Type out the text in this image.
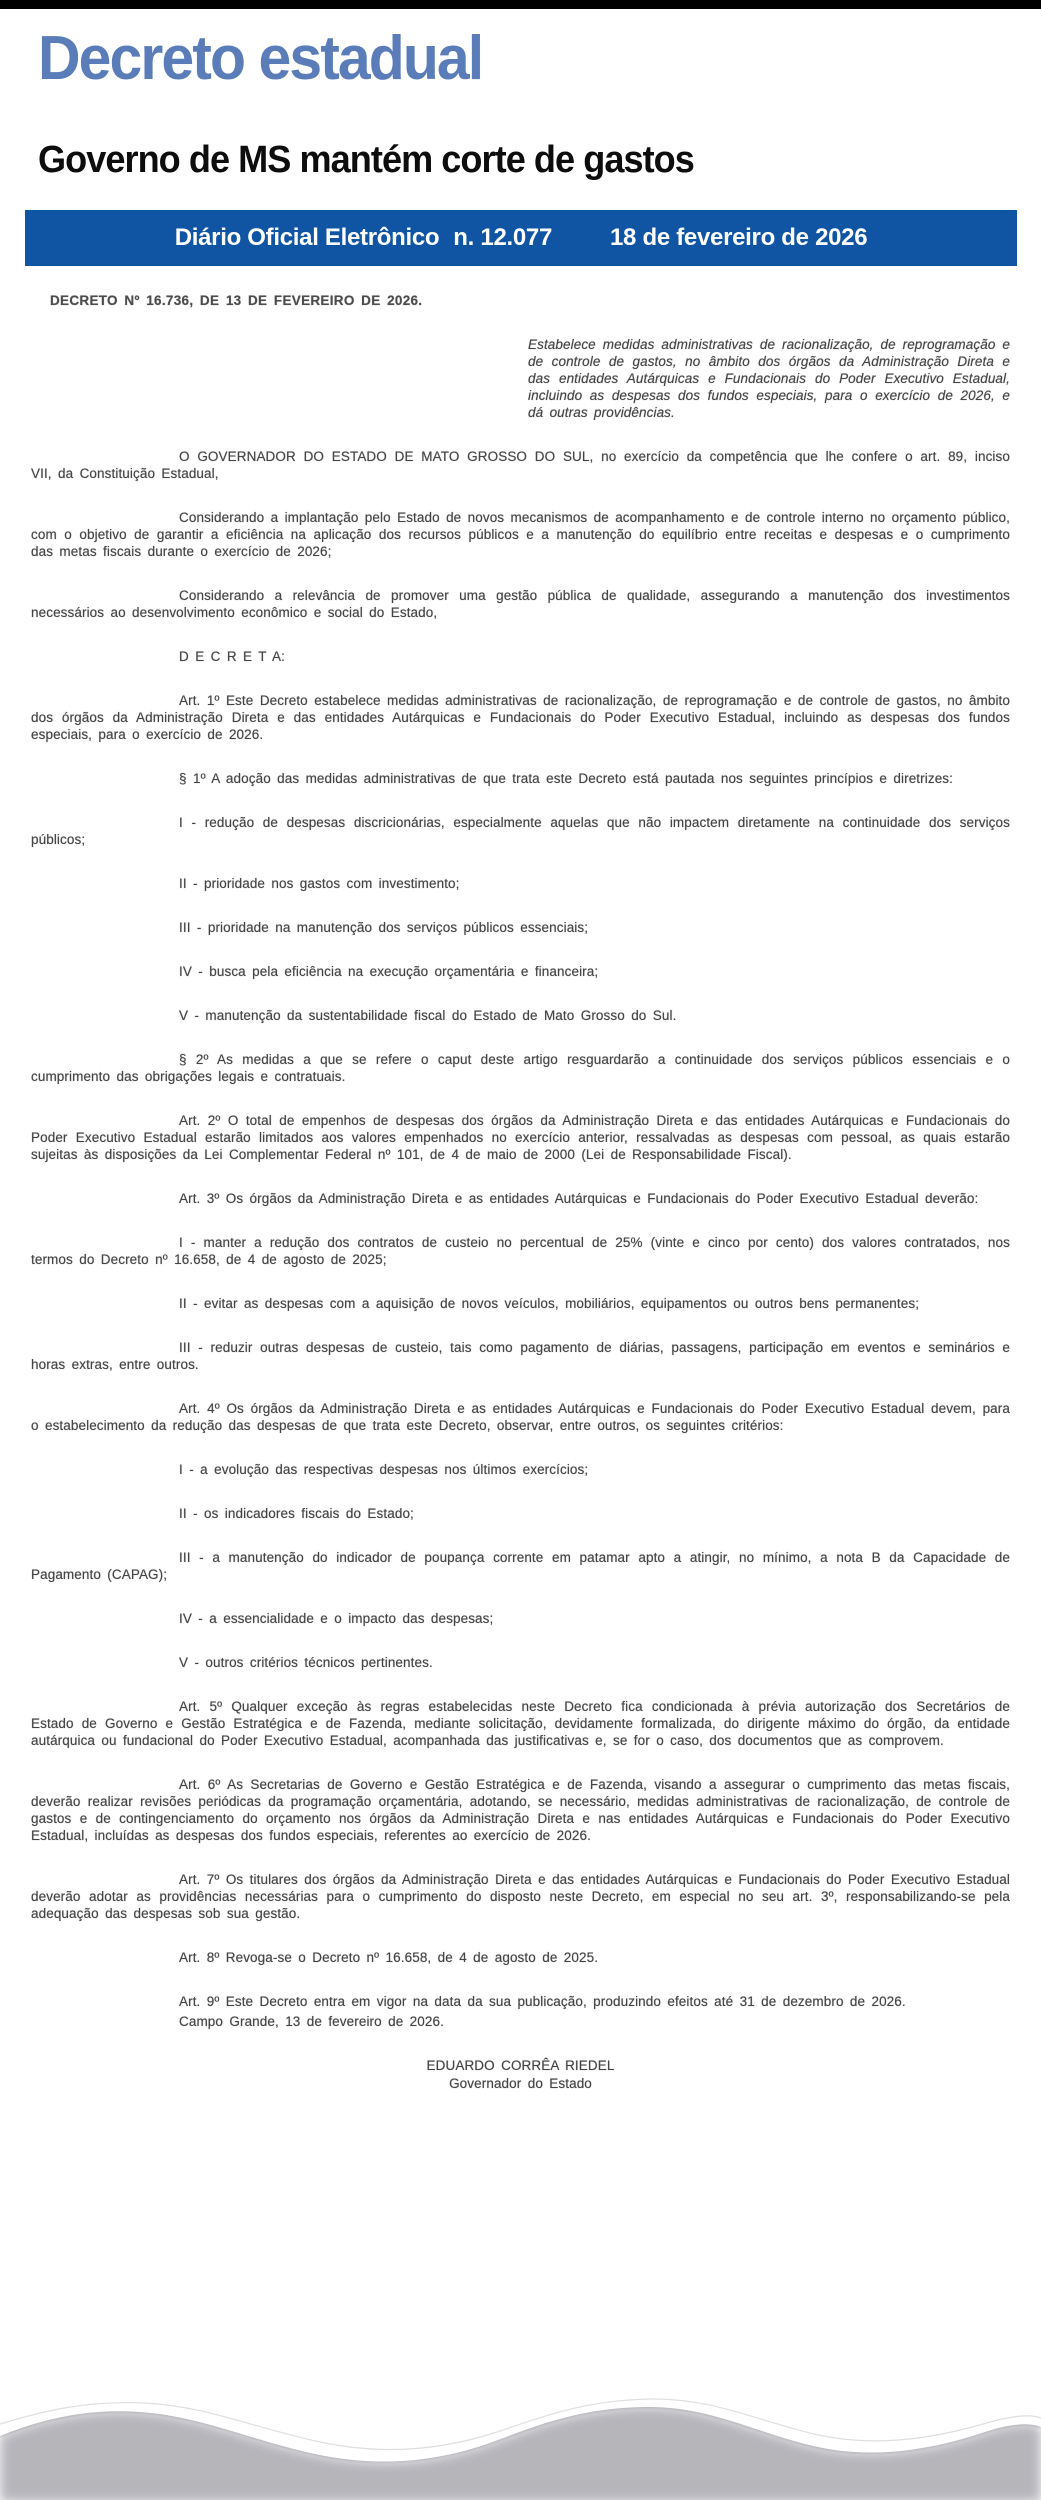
Decreto estadual
Governo de MS mantém corte de gastos
Diário Oficial Eletrônico n. 12.077 18 de fevereiro de 2026

DECRETO Nº 16.736, DE 13 DE FEVEREIRO DE 2026.

Estabelece medidas administrativas de racionalização, de reprogramação e de controle de gastos, no âmbito dos órgãos da Administração Direta e das entidades Autárquicas e Fundacionais do Poder Executivo Estadual, incluindo as despesas dos fundos especiais, para o exercício de 2026, e dá outras providências.

O GOVERNADOR DO ESTADO DE MATO GROSSO DO SUL, no exercício da competência que lhe confere o art. 89, inciso VII, da Constituição Estadual,

Considerando a implantação pelo Estado de novos mecanismos de acompanhamento e de controle interno no orçamento público, com o objetivo de garantir a eficiência na aplicação dos recursos públicos e a manutenção do equilíbrio entre receitas e despesas e o cumprimento das metas fiscais durante o exercício de 2026;

Considerando a relevância de promover uma gestão pública de qualidade, assegurando a manutenção dos investimentos necessários ao desenvolvimento econômico e social do Estado,

D E C R E T A:

Art. 1º Este Decreto estabelece medidas administrativas de racionalização, de reprogramação e de controle de gastos, no âmbito dos órgãos da Administração Direta e das entidades Autárquicas e Fundacionais do Poder Executivo Estadual, incluindo as despesas dos fundos especiais, para o exercício de 2026.

§ 1º A adoção das medidas administrativas de que trata este Decreto está pautada nos seguintes princípios e diretrizes:

I - redução de despesas discricionárias, especialmente aquelas que não impactem diretamente na continuidade dos serviços públicos;

II - prioridade nos gastos com investimento;

III - prioridade na manutenção dos serviços públicos essenciais;

IV - busca pela eficiência na execução orçamentária e financeira;

V - manutenção da sustentabilidade fiscal do Estado de Mato Grosso do Sul.

§ 2º As medidas a que se refere o caput deste artigo resguardarão a continuidade dos serviços públicos essenciais e o cumprimento das obrigações legais e contratuais.

Art. 2º O total de empenhos de despesas dos órgãos da Administração Direta e das entidades Autárquicas e Fundacionais do Poder Executivo Estadual estarão limitados aos valores empenhados no exercício anterior, ressalvadas as despesas com pessoal, as quais estarão sujeitas às disposições da Lei Complementar Federal nº 101, de 4 de maio de 2000 (Lei de Responsabilidade Fiscal).

Art. 3º Os órgãos da Administração Direta e as entidades Autárquicas e Fundacionais do Poder Executivo Estadual deverão:

I - manter a redução dos contratos de custeio no percentual de 25% (vinte e cinco por cento) dos valores contratados, nos termos do Decreto nº 16.658, de 4 de agosto de 2025;

II - evitar as despesas com a aquisição de novos veículos, mobiliários, equipamentos ou outros bens permanentes;

III - reduzir outras despesas de custeio, tais como pagamento de diárias, passagens, participação em eventos e seminários e horas extras, entre outros.

Art. 4º Os órgãos da Administração Direta e as entidades Autárquicas e Fundacionais do Poder Executivo Estadual devem, para o estabelecimento da redução das despesas de que trata este Decreto, observar, entre outros, os seguintes critérios:

I - a evolução das respectivas despesas nos últimos exercícios;

II - os indicadores fiscais do Estado;

III - a manutenção do indicador de poupança corrente em patamar apto a atingir, no mínimo, a nota B da Capacidade de Pagamento (CAPAG);

IV - a essencialidade e o impacto das despesas;

V - outros critérios técnicos pertinentes.

Art. 5º Qualquer exceção às regras estabelecidas neste Decreto fica condicionada à prévia autorização dos Secretários de Estado de Governo e Gestão Estratégica e de Fazenda, mediante solicitação, devidamente formalizada, do dirigente máximo do órgão, da entidade autárquica ou fundacional do Poder Executivo Estadual, acompanhada das justificativas e, se for o caso, dos documentos que as comprovem.

Art. 6º As Secretarias de Governo e Gestão Estratégica e de Fazenda, visando a assegurar o cumprimento das metas fiscais, deverão realizar revisões periódicas da programação orçamentária, adotando, se necessário, medidas administrativas de racionalização, de controle de gastos e de contingenciamento do orçamento nos órgãos da Administração Direta e nas entidades Autárquicas e Fundacionais do Poder Executivo Estadual, incluídas as despesas dos fundos especiais, referentes ao exercício de 2026.

Art. 7º Os titulares dos órgãos da Administração Direta e das entidades Autárquicas e Fundacionais do Poder Executivo Estadual deverão adotar as providências necessárias para o cumprimento do disposto neste Decreto, em especial no seu art. 3º, responsabilizando-se pela adequação das despesas sob sua gestão.

Art. 8º Revoga-se o Decreto nº 16.658, de 4 de agosto de 2025.

Art. 9º Este Decreto entra em vigor na data da sua publicação, produzindo efeitos até 31 de dezembro de 2026.

Campo Grande, 13 de fevereiro de 2026.

EDUARDO CORRÊA RIEDEL

Governador do Estado
